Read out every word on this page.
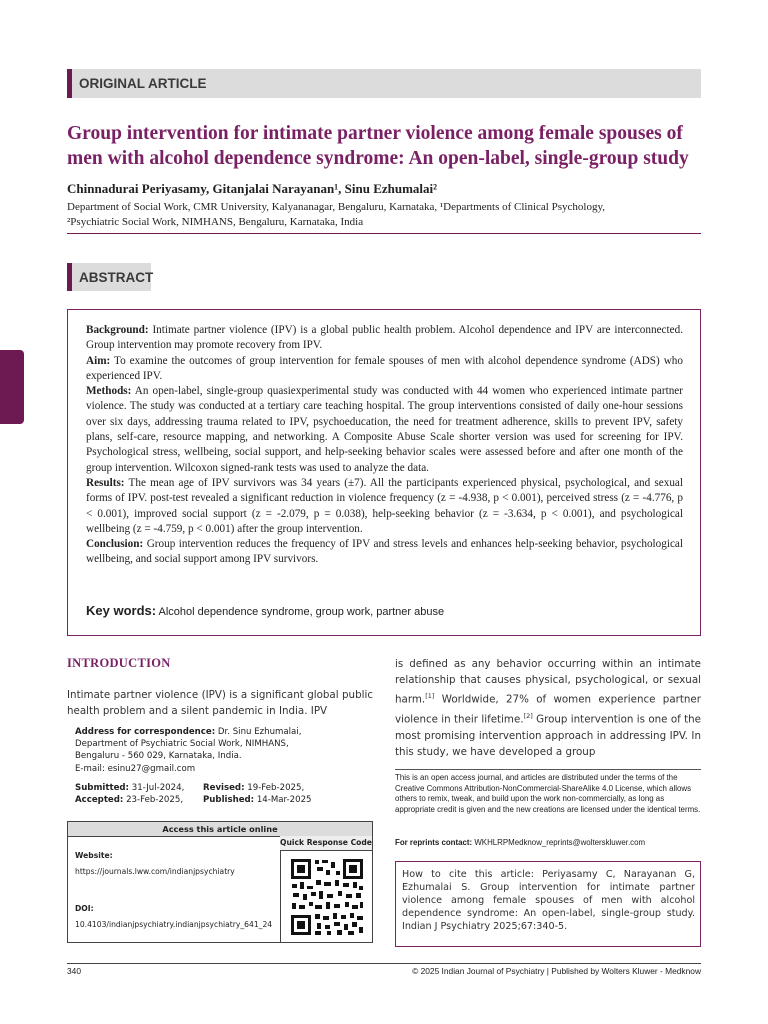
ORIGINAL ARTICLE
Group intervention for intimate partner violence among female spouses of
men with alcohol dependence syndrome: An open-label, single-group study
Chinnadurai Periyasamy, Gitanjalai Narayanan¹, Sinu Ezhumalai²
Department of Social Work, CMR University, Kalyananagar, Bengaluru, Karnataka, ¹Departments of Clinical Psychology,
²Psychiatric Social Work, NIMHANS, Bengaluru, Karnataka, India
ABSTRACT

Background: Intimate partner violence (IPV) is a global public health problem. Alcohol dependence and IPV are interconnected. Group intervention may promote recovery from IPV.

Aim: To examine the outcomes of group intervention for female spouses of men with alcohol dependence syndrome (ADS) who experienced IPV.

Methods: An open-label, single-group quasiexperimental study was conducted with 44 women who experienced intimate partner violence. The study was conducted at a tertiary care teaching hospital. The group interventions consisted of daily one-hour sessions over six days, addressing trauma related to IPV, psychoeducation, the need for treatment adherence, skills to prevent IPV, safety plans, self-care, resource mapping, and networking. A Composite Abuse Scale shorter version was used for screening for IPV. Psychological stress, wellbeing, social support, and help-seeking behavior scales were assessed before and after one month of the group intervention. Wilcoxon signed-rank tests was used to analyze the data.

Results: The mean age of IPV survivors was 34 years (±7). All the participants experienced physical, psychological, and sexual forms of IPV. post-test revealed a significant reduction in violence frequency (z = -4.938, p < 0.001), perceived stress (z = -4.776, p < 0.001), improved social support (z = -2.079, p = 0.038), help-seeking behavior (z = -3.634, p < 0.001), and psychological wellbeing (z = -4.759, p < 0.001) after the group intervention.

Conclusion: Group intervention reduces the frequency of IPV and stress levels and enhances help-seeking behavior, psychological wellbeing, and social support among IPV survivors.

Key words: Alcohol dependence syndrome, group work, partner abuse
INTRODUCTION
Intimate partner violence (IPV) is a significant global public health problem and a silent pandemic in India. IPV
Address for correspondence: Dr. Sinu Ezhumalai,
Department of Psychiatric Social Work, NIMHANS,
Bengaluru - 560 029, Karnataka, India.
E-mail: esinu27@gmail.com
Submitted: 31-Jul-2024, Revised: 19-Feb-2025,
Accepted: 23-Feb-2025, Published: 14-Mar-2025
Access this article online
Quick Response Code
Website:
https://journals.lww.com/indianjpsychiatry
DOI:
10.4103/indianjpsychiatry.indianjpsychiatry_641_24
is defined as any behavior occurring within an intimate relationship that causes physical, psychological, or sexual harm.[1] Worldwide, 27% of women experience partner violence in their lifetime.[2] Group intervention is one of the most promising intervention approach in addressing IPV. In this study, we have developed a group
This is an open access journal, and articles are distributed under the terms of the Creative Commons Attribution-NonCommercial-ShareAlike 4.0 License, which allows others to remix, tweak, and build upon the work non-commercially, as long as appropriate credit is given and the new creations are licensed under the identical terms.
For reprints contact: WKHLRPMedknow_reprints@wolterskluwer.com
How to cite this article: Periyasamy C, Narayanan G, Ezhumalai S. Group intervention for intimate partner violence among female spouses of men with alcohol dependence syndrome: An open-label, single-group study. Indian J Psychiatry 2025;67:340-5.
340	© 2025 Indian Journal of Psychiatry | Published by Wolters Kluwer - Medknow
